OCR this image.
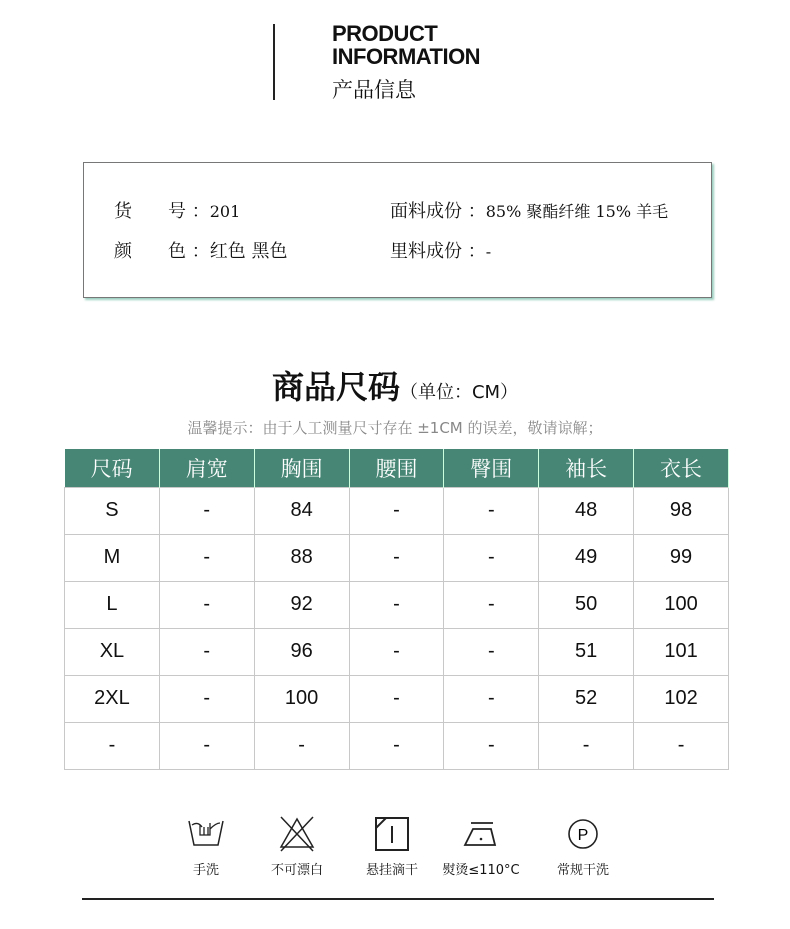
PRODUCT
INFORMATION
产品信息
货　　号 ：201
颜　　色 ：红色 黑色
面料成份 ：85% 聚酯纤维 15% 羊毛
里料成份 ：-
商品尺码（单位：CM）
温馨提示：由于人工测量尺寸存在 ±1CM 的误差，敬请谅解；
尺码	肩宽	胸围	腰围	臀围	袖长	衣长
S	-	84	-	-	48	98
M	-	88	-	-	49	99
L	-	92	-	-	50	100
XL	-	96	-	-	51	101
2XL	-	100	-	-	52	102
-	-	-	-	-	-	-
手洗	不可漂白	悬挂滴干	熨烫≤110°C
P
常规干洗
